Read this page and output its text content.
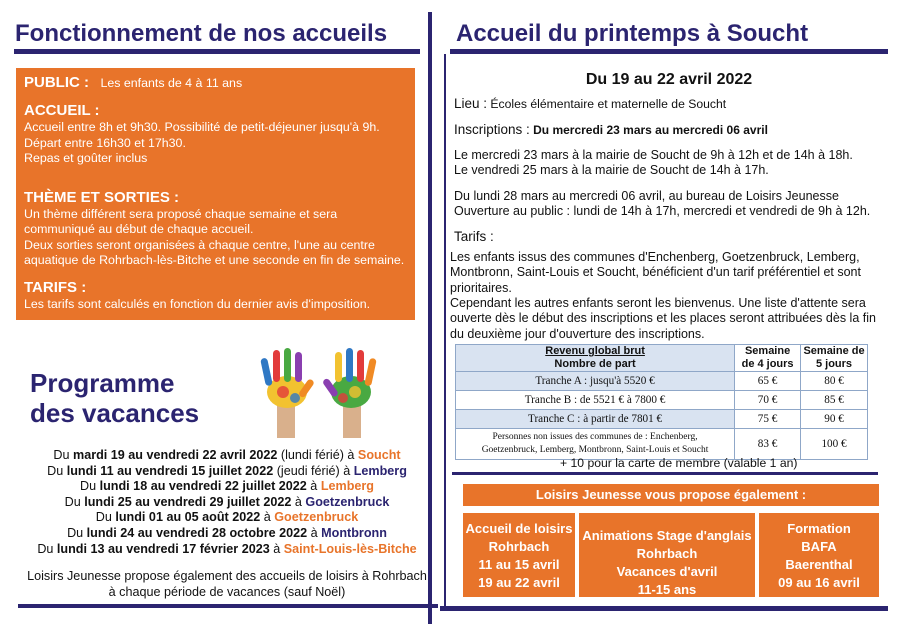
Fonctionnement de nos accueils	Accueil du printemps à Soucht

PUBLIC : Les enfants de 4 à 11 ans

ACCUEIL :

Accueil entre 8h et 9h30. Possibilité de petit-déjeuner jusqu'à 9h.

Départ entre 16h30 et 17h30.

Repas et goûter inclus

THÈME ET SORTIES :

Un thème différent sera proposé chaque semaine et sera

communiqué au début de chaque accueil.

Deux sorties seront organisées à chaque centre, l'une au centre

aquatique de Rohrbach-lès-Bitche et une seconde en fin de semaine.

TARIFS :

Les tarifs sont calculés en fonction du dernier avis d'imposition.

Programme
des vacances

Du mardi 19 au vendredi 22 avril 2022 (lundi férié) à Soucht

Du lundi 11 au vendredi 15 juillet 2022 (jeudi férié) à Lemberg

Du lundi 18 au vendredi 22 juillet 2022 à Lemberg

Du lundi 25 au vendredi 29 juillet 2022 à Goetzenbruck

Du lundi 01 au 05 août 2022 à Goetzenbruck

Du lundi 24 au vendredi 28 octobre 2022 à Montbronn

Du lundi 13 au vendredi 17 février 2023 à Saint-Louis-lès-Bitche

Loisirs Jeunesse propose également des accueils de loisirs à Rohrbach

à chaque période de vacances (sauf Noël)

Du 19 au 22 avril 2022

Lieu : Écoles élémentaire et maternelle de Soucht

Inscriptions : Du mercredi 23 mars au mercredi 06 avril

Le mercredi 23 mars à la mairie de Soucht de 9h à 12h et de 14h à 18h.

Le vendredi 25 mars à la mairie de Soucht de 14h à 17h.

Du lundi 28 mars au mercredi 06 avril, au bureau de Loisirs Jeunesse

Ouverture au public : lundi de 14h à 17h, mercredi et vendredi de 9h à 12h.

Tarifs :

Les enfants issus des communes d'Enchenberg, Goetzenbruck, Lemberg,

Montbronn, Saint-Louis et Soucht, bénéficient d'un tarif préférentiel et sont

prioritaires.

Cependant les autres enfants seront les bienvenus. Une liste d'attente sera

ouverte dès le début des inscriptions et les places seront attribuées dès la fin

du deuxième jour d'ouverture des inscriptions.

Revenu global brut
Nombre de part	Semaine de 4 jours	Semaine de 5 jours
Tranche A : jusqu'à 5520 €	65 €	80 €
Tranche B : de 5521 € à 7800 €	70 €	85 €
Tranche C : à partir de 7801 €	75 €	90 €

Personnes non issues des communes de : Enchenberg,
Goetzenbruck, Lemberg, Montbronn, Saint-Louis et Soucht	83 €	100 €
+ 10 pour la carte de membre (valable 1 an)
Loisirs Jeunesse vous propose également :
Accueil de loisirs
Rohrbach
11 au 15 avril
19 au 22 avril
Animations Stage d'anglais
Rohrbach
Vacances d'avril
11-15 ans
Formation
BAFA
Baerenthal
09 au 16 avril
